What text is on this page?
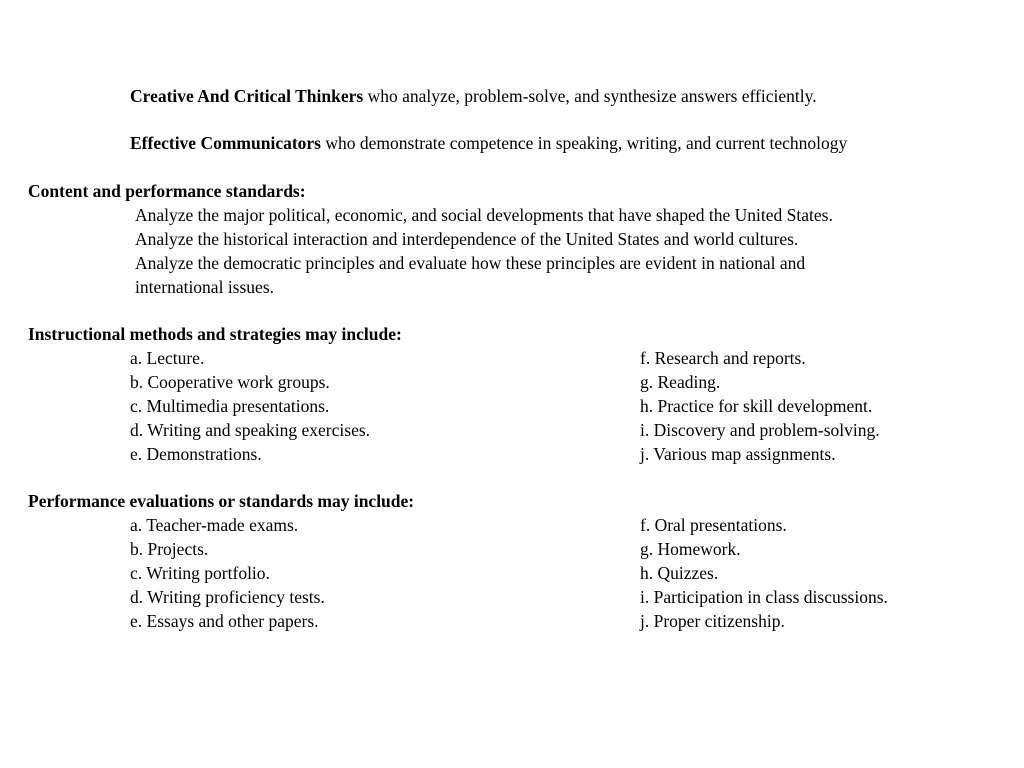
Creative And Critical Thinkers who analyze, problem-solve, and synthesize answers efficiently.
Effective Communicators who demonstrate competence in speaking, writing, and current technology
Content and performance standards:
Analyze the major political, economic, and social developments that have shaped the United States.
Analyze the historical interaction and interdependence of the United States and world cultures.
Analyze the democratic principles and evaluate how these principles are evident in national and
international issues.
Instructional methods and strategies may include:
a. Lecture.
b. Cooperative work groups.
c. Multimedia presentations.
d. Writing and speaking exercises.
e. Demonstrations.
f. Research and reports.
g. Reading.
h. Practice for skill development.
i. Discovery and problem-solving.
j. Various map assignments.
Performance evaluations or standards may include:
a. Teacher-made exams.
b. Projects.
c. Writing portfolio.
d. Writing proficiency tests.
e. Essays and other papers.
f. Oral presentations.
g. Homework.
h. Quizzes.
i. Participation in class discussions.
j. Proper citizenship.
